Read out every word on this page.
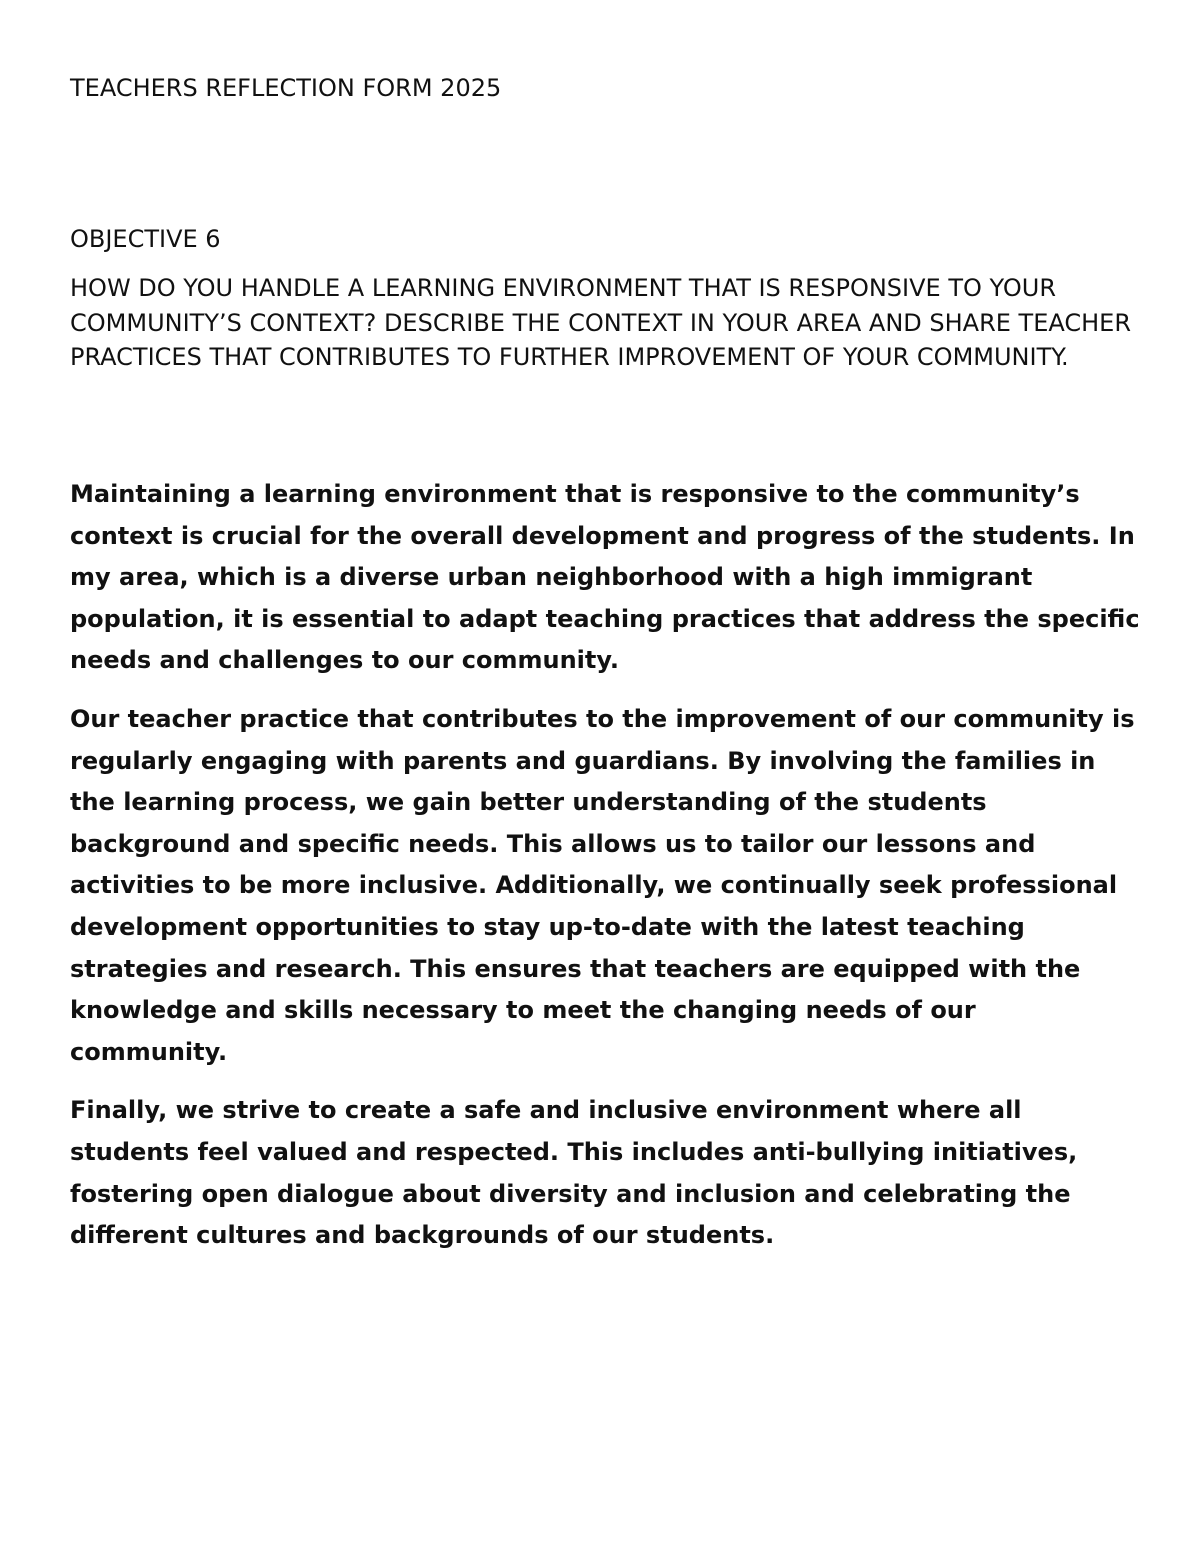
TEACHERS REFLECTION FORM 2025
OBJECTIVE 6

HOW DO YOU HANDLE A LEARNING ENVIRONMENT THAT IS RESPONSIVE TO YOUR COMMUNITY’S CONTEXT? DESCRIBE THE CONTEXT IN YOUR AREA AND SHARE TEACHER PRACTICES THAT CONTRIBUTES TO FURTHER IMPROVEMENT OF YOUR COMMUNITY.

Maintaining a learning environment that is responsive to the community’s context is crucial for the overall development and progress of the students. In my area, which is a diverse urban neighborhood with a high immigrant population, it is essential to adapt teaching practices that address the specific needs and challenges to our community.

Our teacher practice that contributes to the improvement of our community is regularly engaging with parents and guardians. By involving the families in the learning process, we gain better understanding of the students background and specific needs. This allows us to tailor our lessons and activities to be more inclusive. Additionally, we continually seek professional development opportunities to stay up-to-date with the latest teaching strategies and research. This ensures that teachers are equipped with the knowledge and skills necessary to meet the changing needs of our community.

Finally, we strive to create a safe and inclusive environment where all students feel valued and respected. This includes anti-bullying initiatives, fostering open dialogue about diversity and inclusion and celebrating the different cultures and backgrounds of our students.
